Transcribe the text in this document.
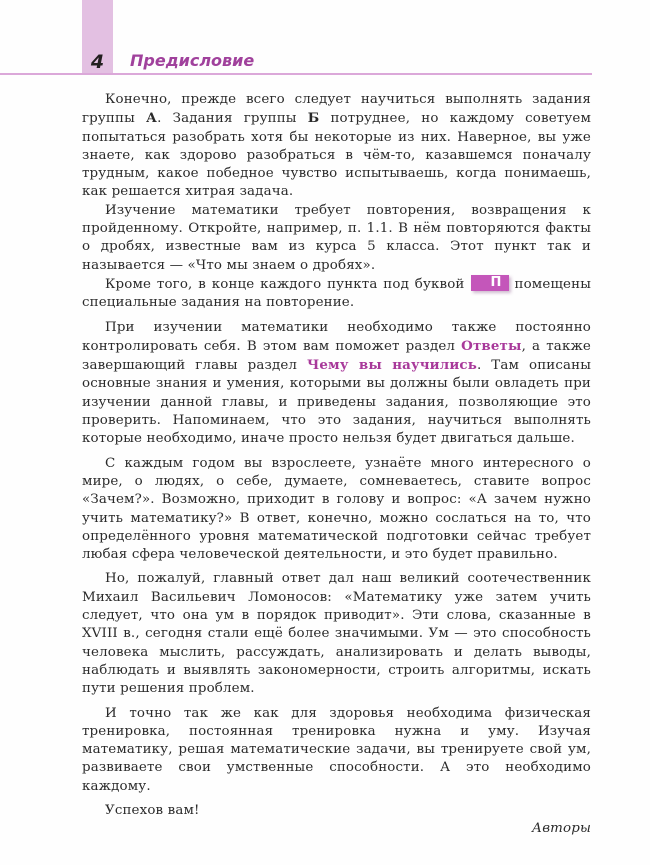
4	Предисловие

Конечно, прежде всего следует научиться выполнять задания группы А. Задания группы Б потруднее, но каждому советуем попытаться разобрать хотя бы некоторые из них. Наверное, вы уже знаете, как здорово разобраться в чём-то, казавшемся поначалу трудным, какое победное чувство испытываешь, когда понимаешь, как решается хитрая задача.

Изучение математики требует повторения, возвращения к пройденному. Откройте, например, п. 1.1. В нём повторяются факты о дробях, известные вам из курса 5 класса. Этот пункт так и называется — «Что мы знаем о дробях».

Кроме того, в конце каждого пункта под буквой П помещены специальные задания на повторение.

При изучении математики необходимо также постоянно контролировать себя. В этом вам поможет раздел Ответы, а также завершающий главы раздел Чему вы научились. Там описаны основные знания и умения, которыми вы должны были овладеть при изучении данной главы, и приведены задания, позволяющие это проверить. Напоминаем, что это задания, научиться выполнять которые необходимо, иначе просто нельзя будет двигаться дальше.

С каждым годом вы взрослеете, узнаёте много интересного о мире, о людях, о себе, думаете, сомневаетесь, ставите вопрос «Зачем?». Возможно, приходит в голову и вопрос: «А зачем нужно учить математику?» В ответ, конечно, можно сослаться на то, что определённого уровня математической подготовки сейчас требует любая сфера человеческой деятельности, и это будет правильно.

Но, пожалуй, главный ответ дал наш великий соотечественник Михаил Васильевич Ломоносов: «Математику уже затем учить следует, что она ум в порядок приводит». Эти слова, сказанные в XVIII в., сегодня стали ещё более значимыми. Ум — это способность человека мыслить, рассуждать, анализировать и делать выводы, наблюдать и выявлять закономерности, строить алгоритмы, искать пути решения проблем.

И точно так же как для здоровья необходима физическая тренировка, постоянная тренировка нужна и уму. Изучая математику, решая математические задачи, вы тренируете свой ум, развиваете свои умственные способности. А это необходимо каждому.

Успехов вам!

Авторы
